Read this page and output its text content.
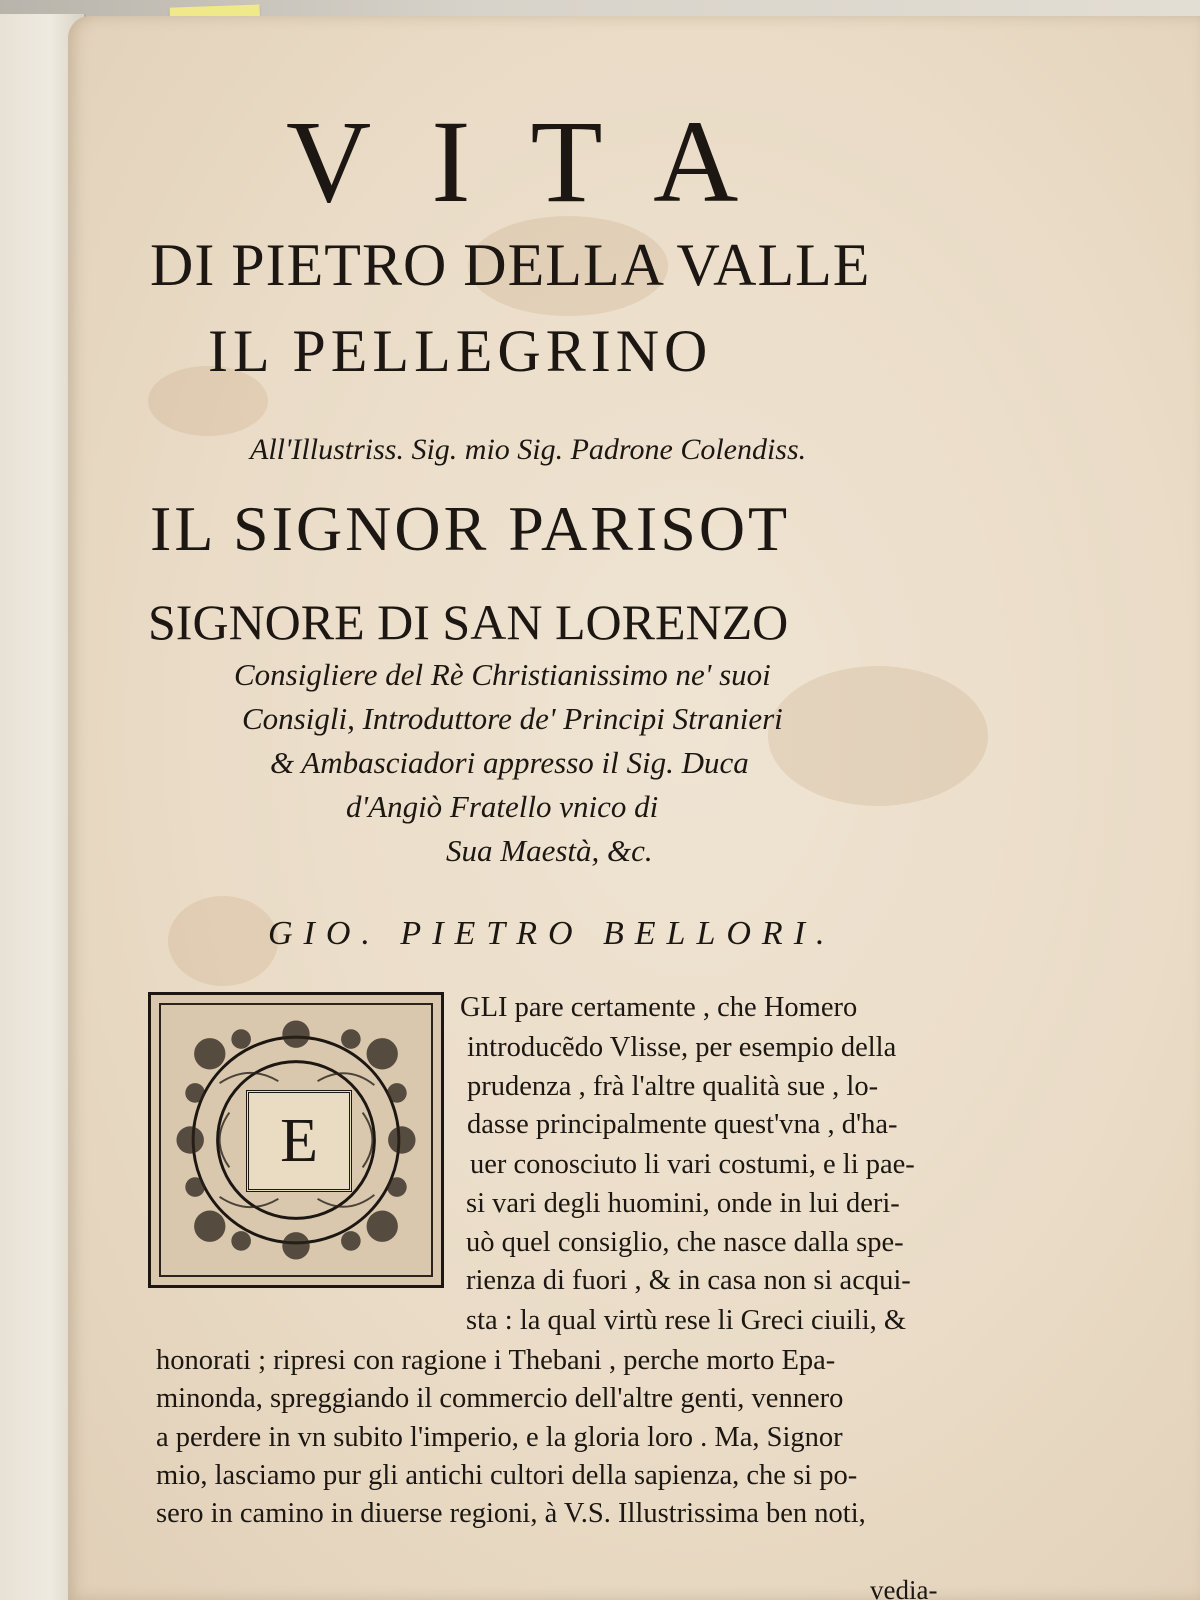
VITA
DI PIETRO DELLA VALLE
IL PELLEGRINO
All'Illustriss. Sig. mio Sig. Padrone Colendiss.
IL SIGNOR PARISOT
SIGNORE DI SAN LORENZO
Consigliere del Rè Christianissimo ne' suoi
Consigli, Introduttore de' Principi Stranieri
& Ambasciadori appresso il Sig. Duca
d'Angiò Fratello vnico di
Sua Maestà, &c.
GIO. PIETRO BELLORI.
E
GLI pare certamente , che Homero
introducẽdo Vlisse, per esempio della
prudenza , frà l'altre qualità sue , lo-
dasse principalmente quest'vna , d'ha-
uer conosciuto li vari costumi, e li pae-
si vari degli huomini, onde in lui deri-
uò quel consiglio, che nasce dalla spe-
rienza di fuori , & in casa non si acqui-
sta : la qual virtù rese li Greci ciuili, &
honorati ; ripresi con ragione i Thebani , perche morto Epa-
minonda, spreggiando il commercio dell'altre genti, vennero
a perdere in vn subito l'imperio, e la gloria loro . Ma, Signor
mio, lasciamo pur gli antichi cultori della sapienza, che si po-
sero in camino in diuerse regioni, à V.S. Illustrissima ben noti,
vedia-
